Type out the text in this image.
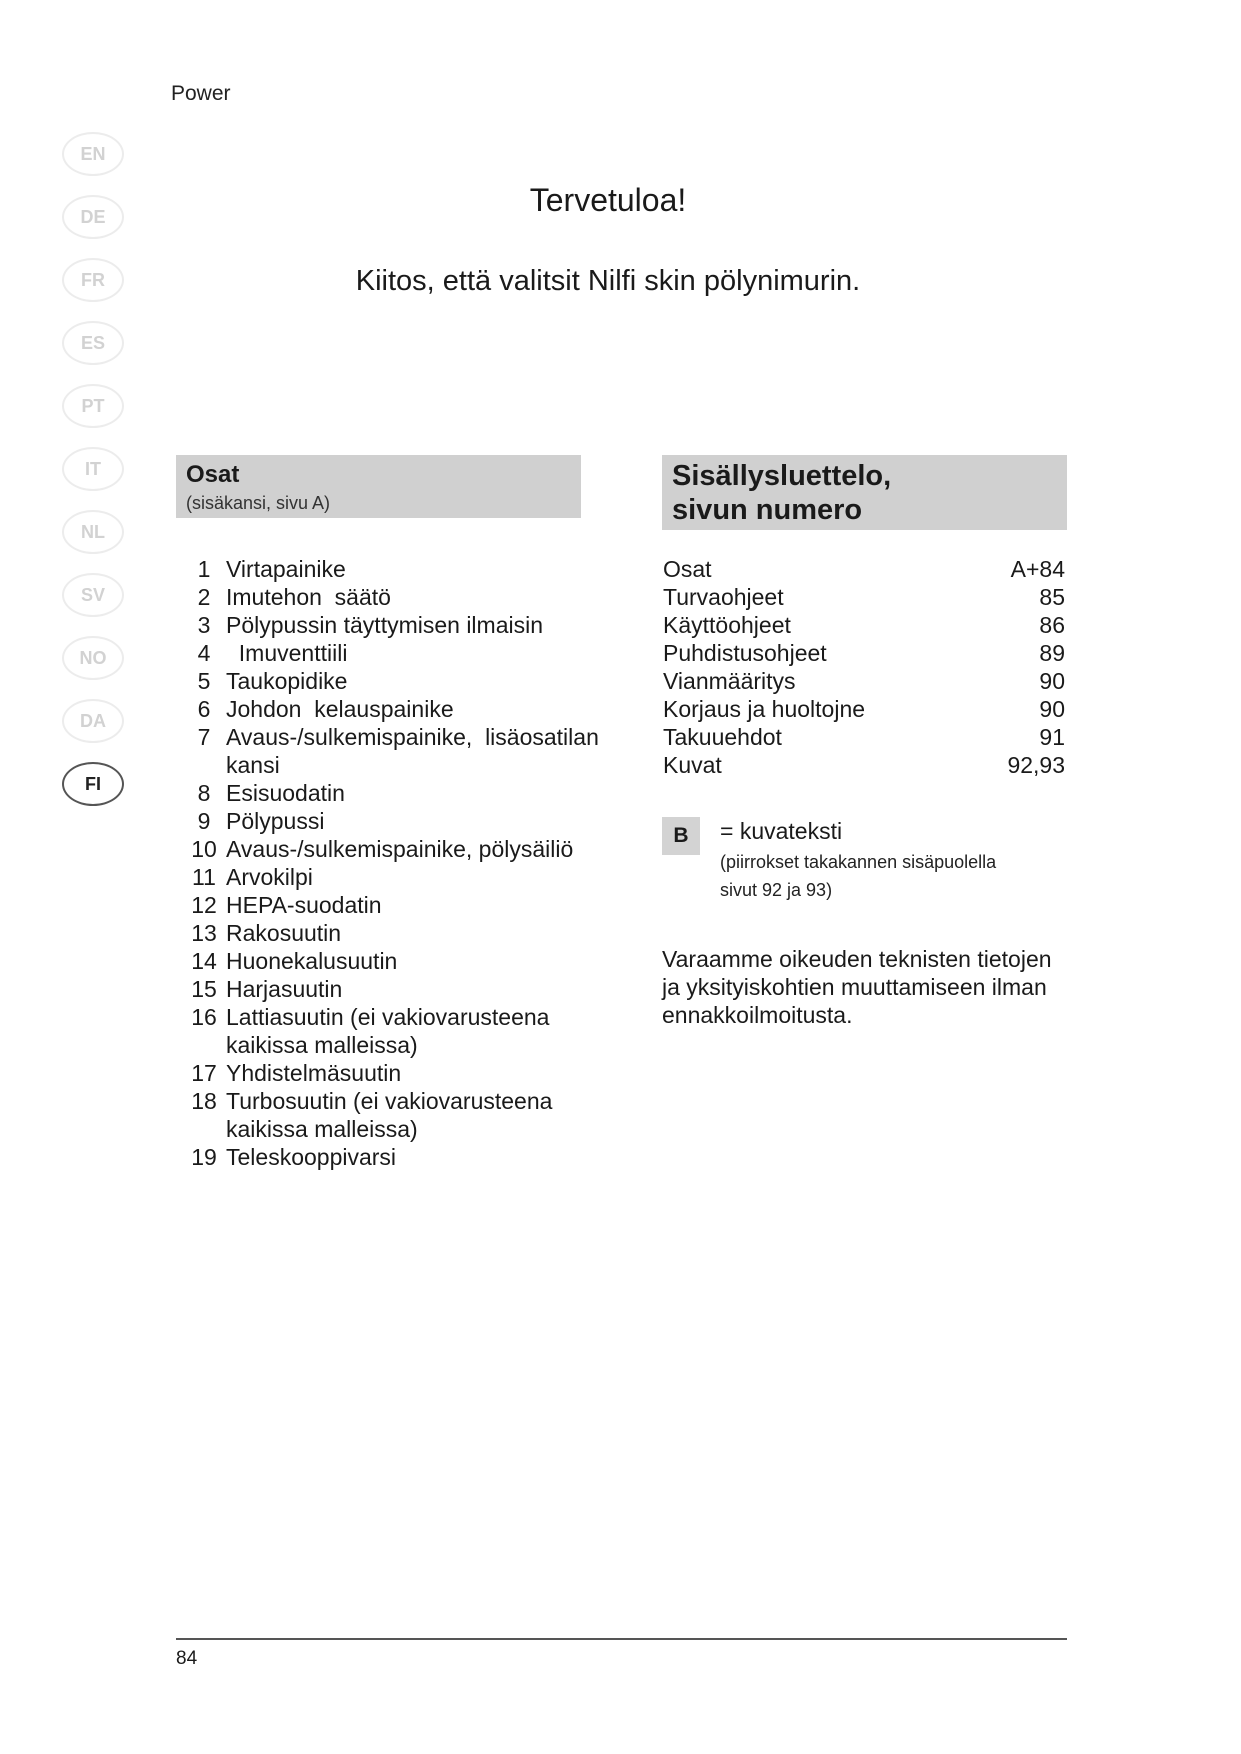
Power
EN
DE
FR
ES
PT
IT
NL
SV
NO
DA
FI
Tervetuloa!
Kiitos, että valitsit Nilfi skin pölynimurin.
Osat
(sisäkansi, sivu A)
1 Virtapainike
2 Imutehon  säätö
3 Pölypussin täyttymisen ilmaisin
4 Imuventtiili
5 Taukopidike
6 Johdon  kelauspainike
7 Avaus-/sulkemispainike,  lisäosatilan kansi
8 Esisuodatin
9 Pölypussi
10 Avaus-/sulkemispainike, pölysäiliö
11 Arvokilpi
12 HEPA-suodatin
13 Rakosuutin
14 Huonekalusuutin
15 Harjasuutin
16 Lattiasuutin (ei vakiovarusteena kaikissa malleissa)
17 Yhdistelmäsuutin
18 Turbosuutin (ei vakiovarusteena kaikissa malleissa)
19 Teleskooppivarsi
Sisällysluettelo,
sivun numero
Osat	A+84
Turvaohjeet	85
Käyttöohjeet	86
Puhdistusohjeet	89
Vianmääritys	90
Korjaus ja huoltojne	90
Takuuehdot	91
Kuvat	92,93
B	= kuvateksti
(piirrokset takakannen sisäpuolella
sivut 92 ja 93)
Varaamme oikeuden teknisten tietojen ja yksityiskohtien muuttamiseen ilman ennakkoilmoitusta.
84
